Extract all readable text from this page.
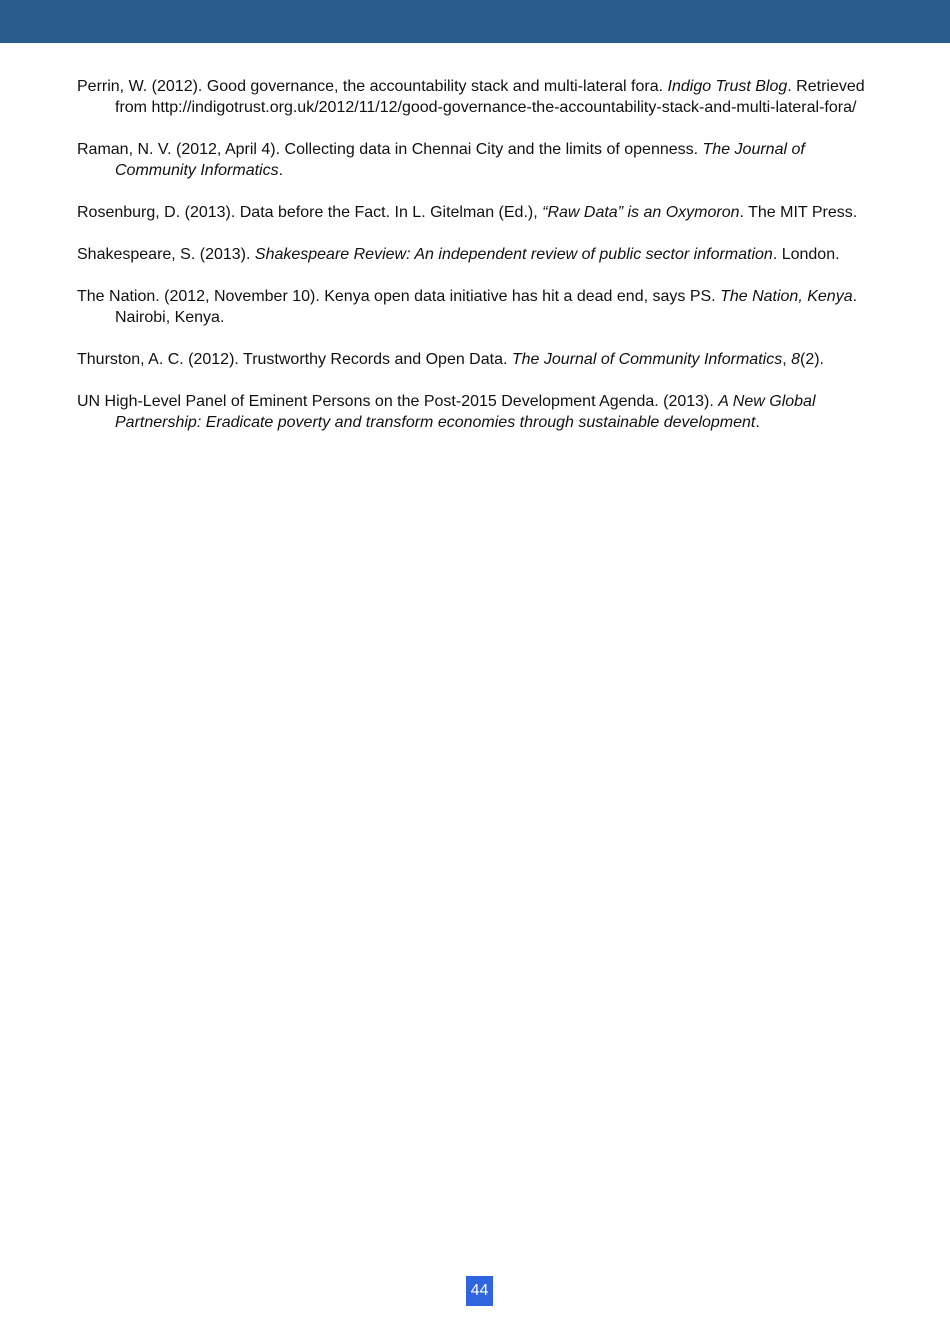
Perrin, W. (2012). Good governance, the accountability stack and multi-lateral fora. Indigo Trust Blog. Retrieved from http://indigotrust.org.uk/2012/11/12/good-governance-the-accountability-stack-and-multi-lateral-fora/
Raman, N. V. (2012, April 4). Collecting data in Chennai City and the limits of openness. The Journal of Community Informatics.
Rosenburg, D. (2013). Data before the Fact. In L. Gitelman (Ed.), “Raw Data” is an Oxymoron. The MIT Press.
Shakespeare, S. (2013). Shakespeare Review: An independent review of public sector information. London.
The Nation. (2012, November 10). Kenya open data initiative has hit a dead end, says PS. The Nation, Kenya. Nairobi, Kenya.
Thurston, A. C. (2012). Trustworthy Records and Open Data. The Journal of Community Informatics, 8(2).
UN High-Level Panel of Eminent Persons on the Post-2015 Development Agenda. (2013). A New Global Partnership: Eradicate poverty and transform economies through sustainable development.
44
